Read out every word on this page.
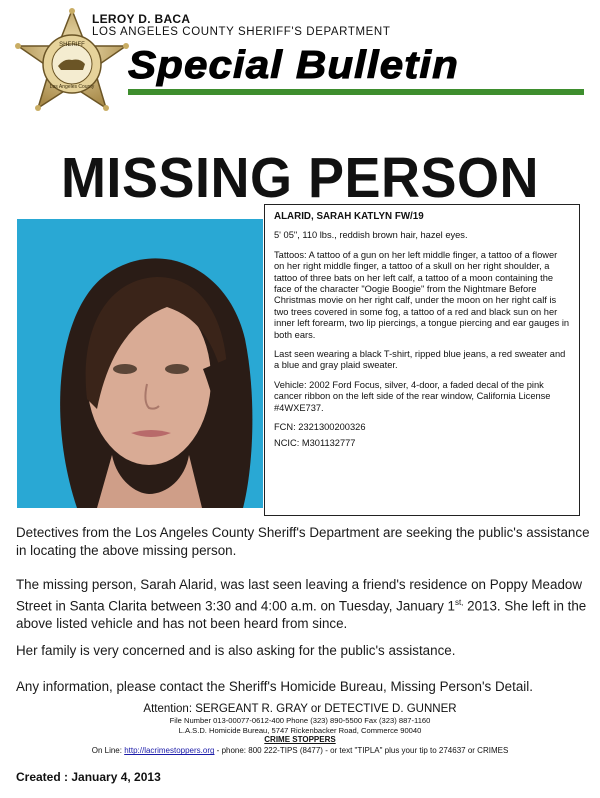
SHERIFF
Los Angeles County
LEROY D. BACA
LOS ANGELES COUNTY SHERIFF'S DEPARTMENT
Special Bulletin
MISSING PERSON

ALARID, SARAH KATLYN FW/19

5' 05", 110 lbs., reddish brown hair, hazel eyes.

Tattoos: A tattoo of a gun on her left middle finger, a tattoo of a flower on her right middle finger, a tattoo of a skull on her right shoulder, a tattoo of three bats on her left calf, a tattoo of a moon containing the face of the character "Oogie Boogie" from the Nightmare Before Christmas movie on her right calf, under the moon on her right calf is two trees covered in some fog, a tattoo of a red and black sun on her inner left forearm, two lip piercings, a tongue piercing and ear gauges in both ears.

Last seen wearing a black T-shirt, ripped blue jeans, a red sweater and a blue and gray plaid sweater.

Vehicle: 2002 Ford Focus, silver, 4-door, a faded decal of the pink cancer ribbon on the left side of the rear window, California License #4WXE737.

FCN: 2321300200326

NCIC: M301132777

Detectives from the Los Angeles County Sheriff's Department are seeking the public's assistance in locating the above missing person.
The missing person, Sarah Alarid, was last seen leaving a friend's residence on Poppy Meadow Street in Santa Clarita between 3:30 and 4:00 a.m. on Tuesday, January $1^{st,}$ 2013. She left in the above listed vehicle and has not been heard from since.
Her family is very concerned and is also asking for the public's assistance.
Any information, please contact the Sheriff's Homicide Bureau, Missing Person's Detail.
Attention: SERGEANT R. GRAY or DETECTIVE D. GUNNER
File Number 013-00077-0612-400 Phone (323) 890-5500 Fax (323) 887-1160
L.A.S.D. Homicide Bureau, 5747 Rickenbacker Road, Commerce 90040
CRIME STOPPERS
On Line: http://lacrimestoppers.org - phone: 800 222-TIPS (8477) - or text "TIPLA" plus your tip to 274637 or CRIMES
Created : January 4, 2013
